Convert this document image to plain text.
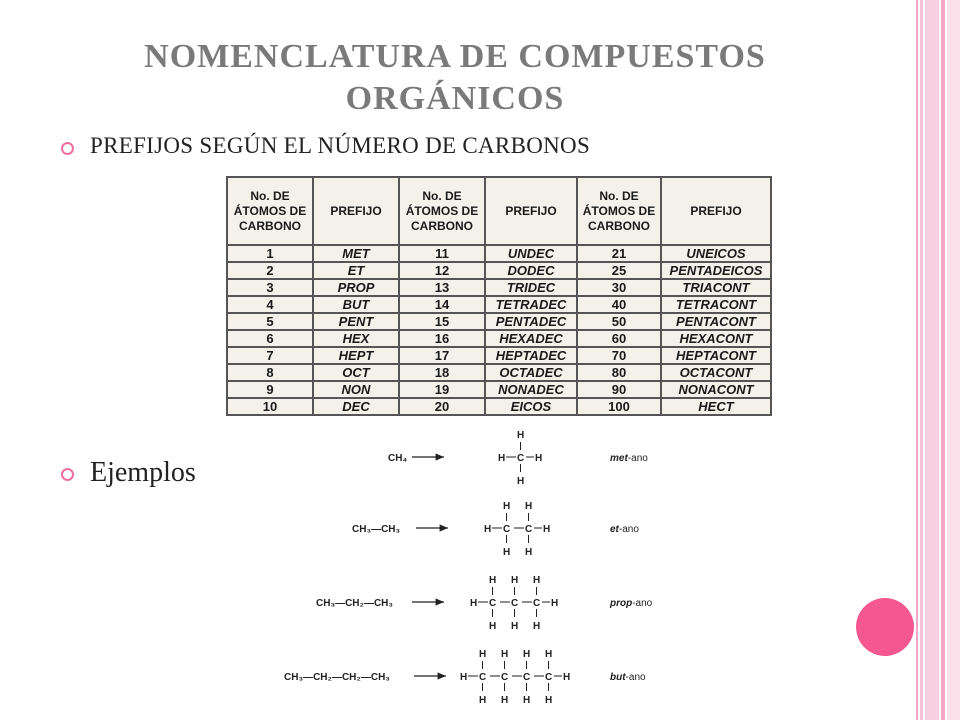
NOMENCLATURA DE COMPUESTOS ORGÁNICOS
PREFIJOS SEGÚN EL NÚMERO DE CARBONOS
No. DE ÁTOMOS DE CARBONO	PREFIJO	No. DE ÁTOMOS DE CARBONO	PREFIJO	No. DE ÁTOMOS DE CARBONO	PREFIJO
1	MET	11	UNDEC	21	UNEICOS
2	ET	12	DODEC	25	PENTADEICOS
3	PROP	13	TRIDEC	30	TRIACONT
4	BUT	14	TETRADEC	40	TETRACONT
5	PENT	15	PENTADEC	50	PENTACONT
6	HEX	16	HEXADEC	60	HEXACONT
7	HEPT	17	HEPTADEC	70	HEPTACONT
8	OCT	18	OCTADEC	80	OCTACONT
9	NON	19	NONADEC	90	NONACONT
10	DEC	20	EICOS	100	HECT
Ejemplos	CH₄	H C
H
H
H	met-ano
CH₃—CH₃	H C
H
H
C
H
H
H	et-ano
CH₃—CH₂—CH₃	H C
H
H
C
H
H
C
H
H
H	prop-ano
CH₃—CH₂—CH₂—CH₃	H C
H
H
C
H
H
C
H
H
C
H
H
H	but-ano
